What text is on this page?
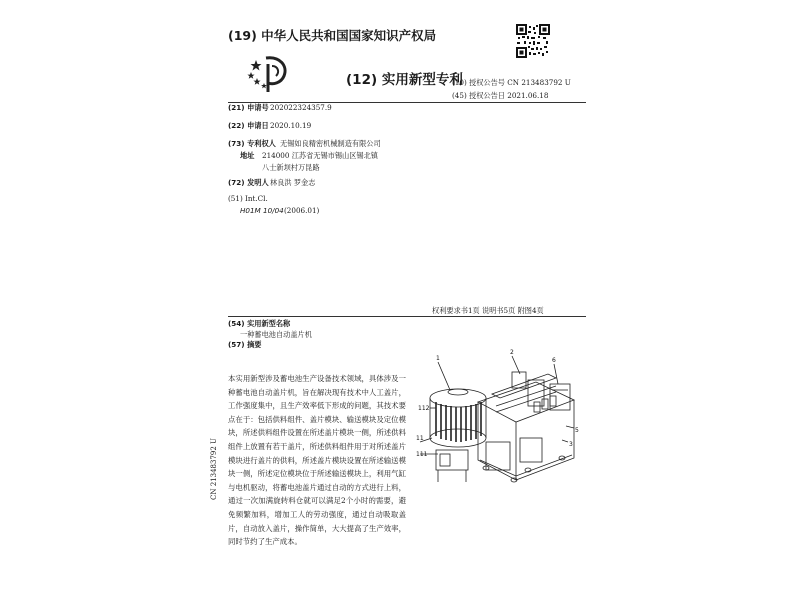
(19) 中华人民共和国国家知识产权局
(12) 实用新型专利
(10) 授权公告号 CN 213483792 U
(45) 授权公告日 2021.06.18
(21) 申请号 202022324357.9
(22) 申请日 2020.10.19
(73) 专利权人 无锡如良精密机械制造有限公司
地址 214000 江苏省无锡市锡山区锡北镇
八士新坝村万昆路
(72) 发明人 林良洪 罗金志
(51) Int.Cl.
H01M 10/04 (2006.01)
权利要求书1页 说明书5页 附图4页
(54) 实用新型名称
一种蓄电池自动盖片机
(57) 摘要
本实用新型涉及蓄电池生产设备技术领域，具体涉及一种蓄电池自动盖片机，旨在解决现有技术中人工盖片，工作强度集中，且生产效率低下形成的问题，其技术要点在于：包括供料组件、盖片模块、输送模块及定位模块，所述供料组件设置在所述盖片模块一侧，所述供料组件上放置有若干盖片，所述供料组件用于对所述盖片模块进行盖片的供料，所述盖片模块设置在所述输送模块一侧，所述定位模块位于所述输送模块上，利用气缸与电机驱动，将蓄电池盖片通过自动的方式进行上料，通过一次加满旋转料仓就可以满足2个小时的需要，避免频繁加料，增加工人的劳动强度，通过自动吸取盖片，自动放入盖片，操作简单，大大提高了生产效率，同时节约了生产成本。
CN 213483792 U
1
2
6
112
5
11
111
3
